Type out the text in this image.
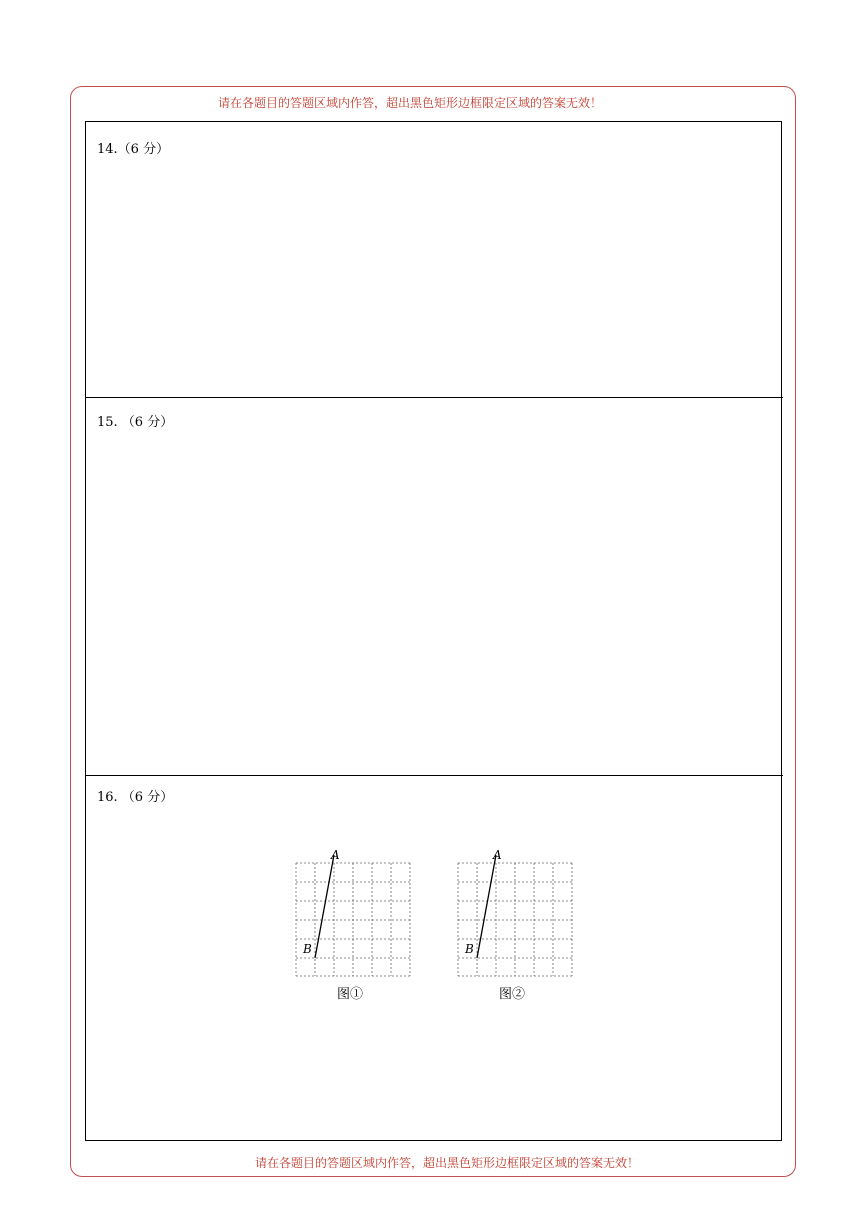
请在各题目的答题区域内作答，超出黑色矩形边框限定区域的答案无效！
14.（6 分）
15. （6 分）
16. （6 分）
A
B
图①
A
B
图②
请在各题目的答题区域内作答，超出黑色矩形边框限定区域的答案无效！
